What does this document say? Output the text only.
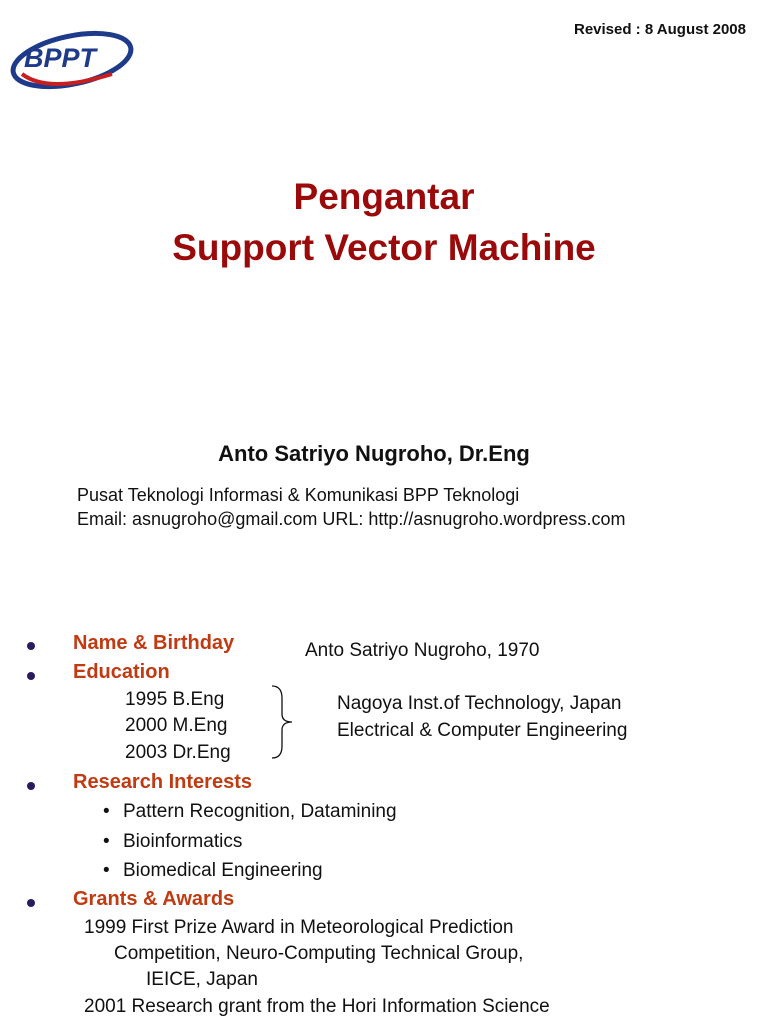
BPPT
Revised : 8 August 2008
Pengantar
Support Vector Machine
Anto Satriyo Nugroho, Dr.Eng
Pusat Teknologi Informasi & Komunikasi BPP Teknologi
Email: asnugroho@gmail.com URL: http://asnugroho.wordpress.com
Name & Birthday	Anto Satriyo Nugroho, 1970
Education
1995 B.Eng
2000 M.Eng
2003 Dr.Eng
Nagoya Inst.of Technology, Japan
Electrical & Computer Engineering
Research Interests
• Pattern Recognition, Datamining
• Bioinformatics
• Biomedical Engineering
Grants & Awards
1999 First Prize Award in Meteorological Prediction
Competition, Neuro-Computing Technical Group,
IEICE, Japan
2001 Research grant from the Hori Information Science
